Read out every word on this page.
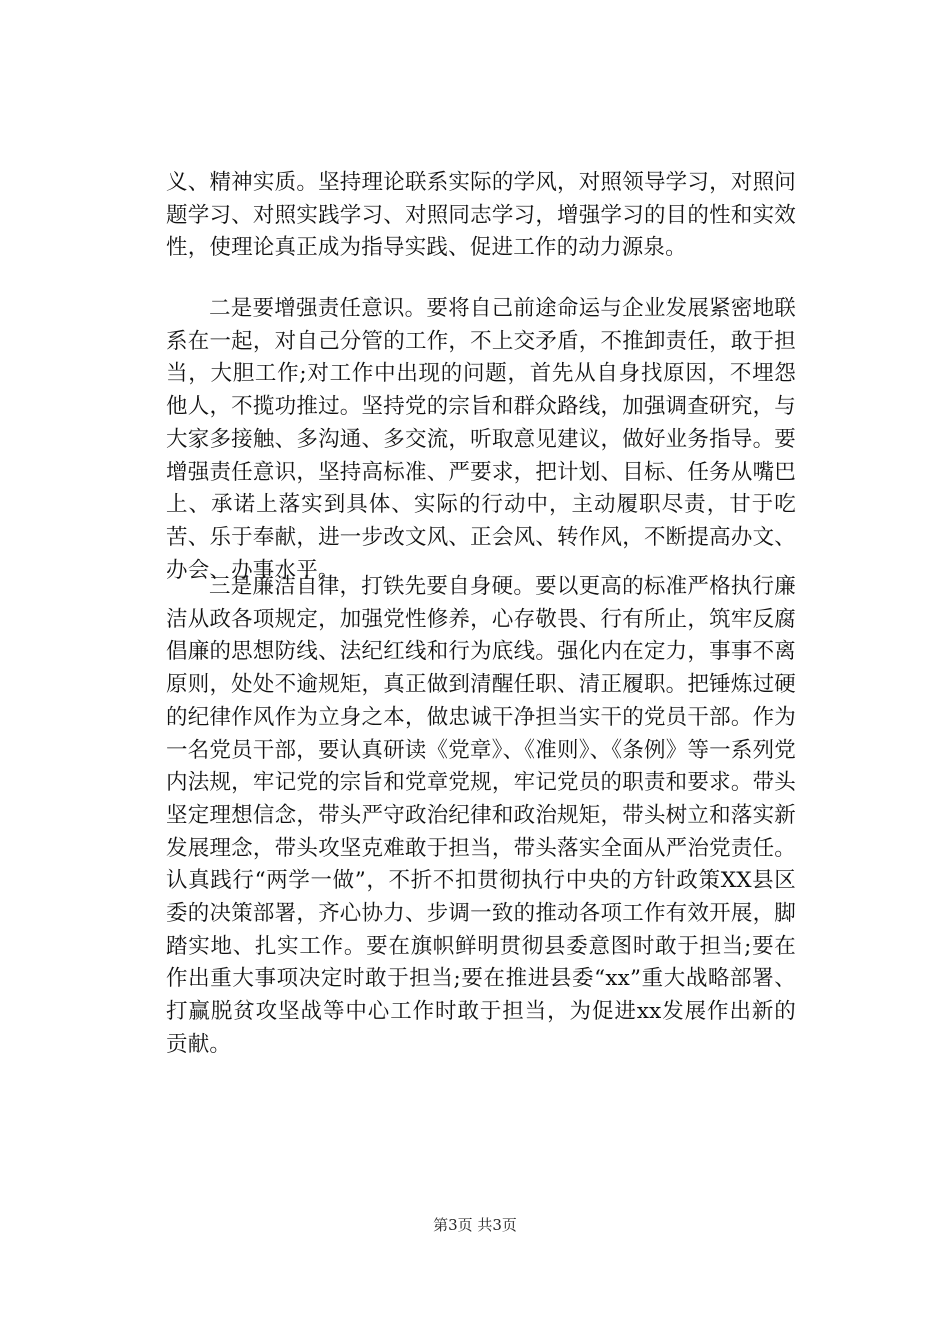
义、精神实质。坚持理论联系实际的学风，对照领导学习，对照问题学习、对照实践学习、对照同志学习，增强学习的目的性和实效性，使理论真正成为指导实践、促进工作的动力源泉。

二是要增强责任意识。要将自己前途命运与企业发展紧密地联系在一起，对自己分管的工作，不上交矛盾，不推卸责任，敢于担当，大胆工作;对工作中出现的问题，首先从自身找原因，不埋怨他人，不揽功推过。坚持党的宗旨和群众路线，加强调查研究，与大家多接触、多沟通、多交流，听取意见建议，做好业务指导。要增强责任意识，坚持高标准、严要求，把计划、目标、任务从嘴巴上、承诺上落实到具体、实际的行动中，主动履职尽责，甘于吃苦、乐于奉献，进一步改文风、正会风、转作风，不断提高办文、办会、办事水平。

三是廉洁自律，打铁先要自身硬。要以更高的标准严格执行廉洁从政各项规定，加强党性修养，心存敬畏、行有所止，筑牢反腐倡廉的思想防线、法纪红线和行为底线。强化内在定力，事事不离原则，处处不逾规矩，真正做到清醒任职、清正履职。把锤炼过硬的纪律作风作为立身之本，做忠诚干净担当实干的党员干部。作为一名党员干部，要认真研读《党章》、《准则》、《条例》等一系列党内法规，牢记党的宗旨和党章党规，牢记党员的职责和要求。带头坚定理想信念，带头严守政治纪律和政治规矩，带头树立和落实新发展理念，带头攻坚克难敢于担当，带头落实全面从严治党责任。认真践行“两学一做”，不折不扣贯彻执行中央的方针政策XX县区委的决策部署，齐心协力、步调一致的推动各项工作有效开展，脚踏实地、扎实工作。要在旗帜鲜明贯彻县委意图时敢于担当;要在作出重大事项决定时敢于担当;要在推进县委“xx”重大战略部署、打赢脱贫攻坚战等中心工作时敢于担当，为促进xx发展作出新的贡献。

第3页 共3页
